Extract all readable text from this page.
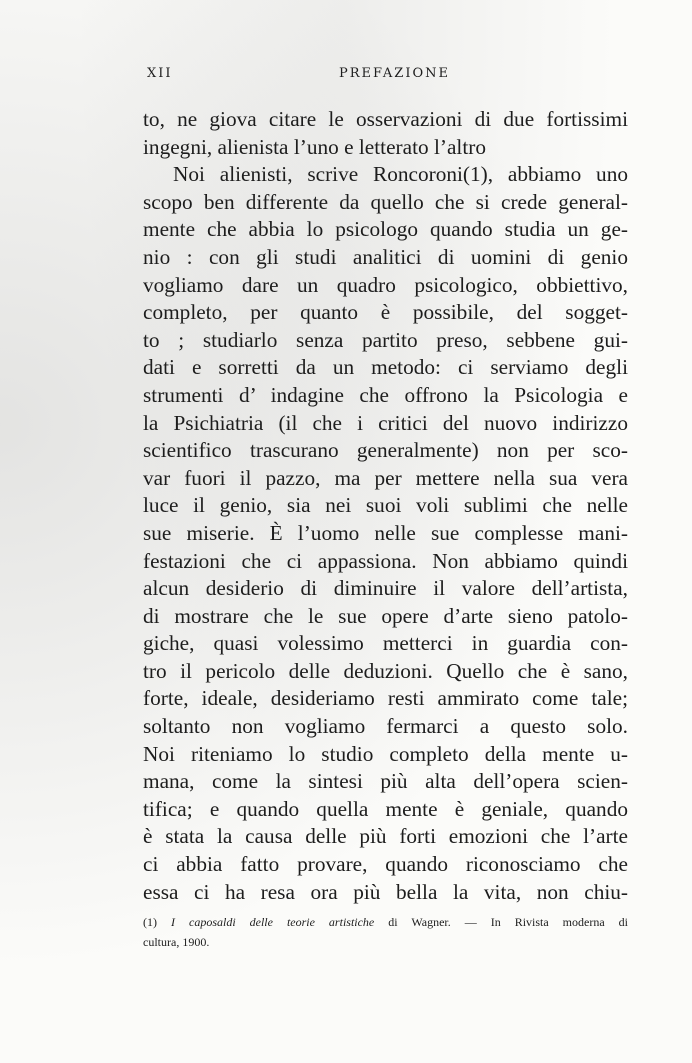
XII	PREFAZIONE
to, ne giova citare le osservazioni di due fortissimi
ingegni, alienista l’uno e letterato l’altro
Noi alienisti, scrive Roncoroni(1), abbiamo uno
scopo ben differente da quello che si crede general-
mente che abbia lo psicologo quando studia un ge-
nio : con gli studi analitici di uomini di genio
vogliamo dare un quadro psicologico, obbiettivo,
completo, per quanto è possibile, del sogget-
to ; studiarlo senza partito preso, sebbene gui-
dati e sorretti da un metodo: ci serviamo degli
strumenti d’ indagine che offrono la Psicologia e
la Psichiatria (il che i critici del nuovo indirizzo
scientifico trascurano generalmente) non per sco-
var fuori il pazzo, ma per mettere nella sua vera
luce il genio, sia nei suoi voli sublimi che nelle
sue miserie. È l’uomo nelle sue complesse mani-
festazioni che ci appassiona. Non abbiamo quindi
alcun desiderio di diminuire il valore dell’artista,
di mostrare che le sue opere d’arte sieno patolo-
giche, quasi volessimo metterci in guardia con-
tro il pericolo delle deduzioni. Quello che è sano,
forte, ideale, desideriamo resti ammirato come tale;
soltanto non vogliamo fermarci a questo solo.
Noi riteniamo lo studio completo della mente u-
mana, come la sintesi più alta dell’opera scien-
tifica; e quando quella mente è geniale, quando
è stata la causa delle più forti emozioni che l’arte
ci abbia fatto provare, quando riconosciamo che
essa ci ha resa ora più bella la vita, non chiu-
(1) I caposaldi delle teorie artistiche di Wagner. — In Rivista moderna di
cultura, 1900.
